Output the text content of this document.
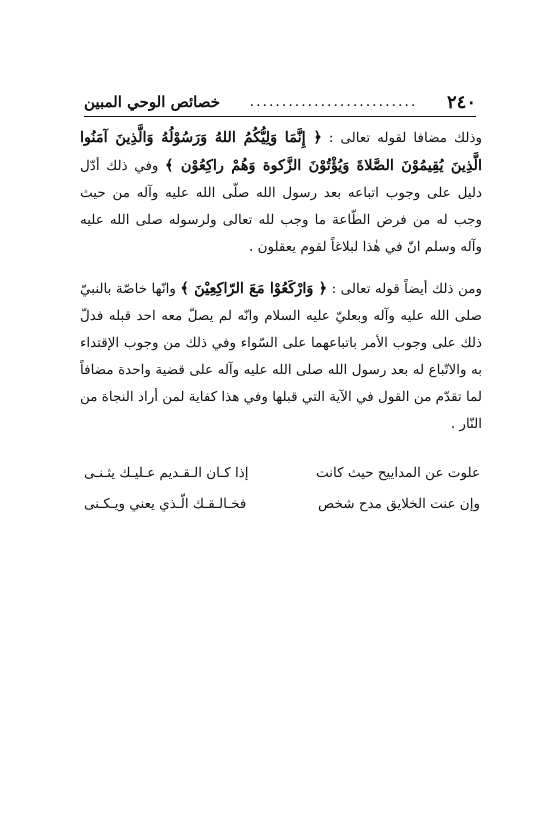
٢٤٠
..........................
خصائص الوحي المبين

وذلك مضافا لقوله تعالى : ﴿ إِنَّمَا وَلِيُّكُمُ اللهُ وَرَسُوْلُهُ وَالَّذِينَ آمَنُوا الَّذِينَ يُقِيمُوْنَ الصَّلاةَ وَيُؤْتُوْنَ الزَّكوة وَهُمْ راكِعُوْن ﴾ وفي ذلك أدّل دليل على وجوب اتباعه بعد رسول الله صلّى الله عليه وآله من حيث وجب له من فرض الطّاعة ما وجب لله تعالى ولرسوله صلى الله عليه وآله وسلم انّ في هٰذا لبلاغاً لقوم يعقلون .

ومن ذلك أيضاً قوله تعالى : ﴿ وَارْكَعُوْا مَعَ الرّاكِعِيْنَ ﴾ وانّها خاصّة بالنبيّ صلى الله عليه وآله وبعليّ عليه السلام وانّه لم يصلّ معه احد قبله فدلّ ذلك على وجوب الأمر باتباعهما على السّواء وفي ذلك من وجوب الإقتداء به والاتّباع له بعد رسول الله صلى الله عليه وآله على قضية واحدة مضافاً لما تقدّم من القول في الآية التي قبلها وفي هذا كفاية لمن أراد النجاة من النّار .

علوت عن المداييح حيث كانت
إذا كـان الـقـديم عـليـك يثـنـى
وإن عنت الخلايق مدح شخص
فخـالـقـك الّـذي يعني ويـكـنى
